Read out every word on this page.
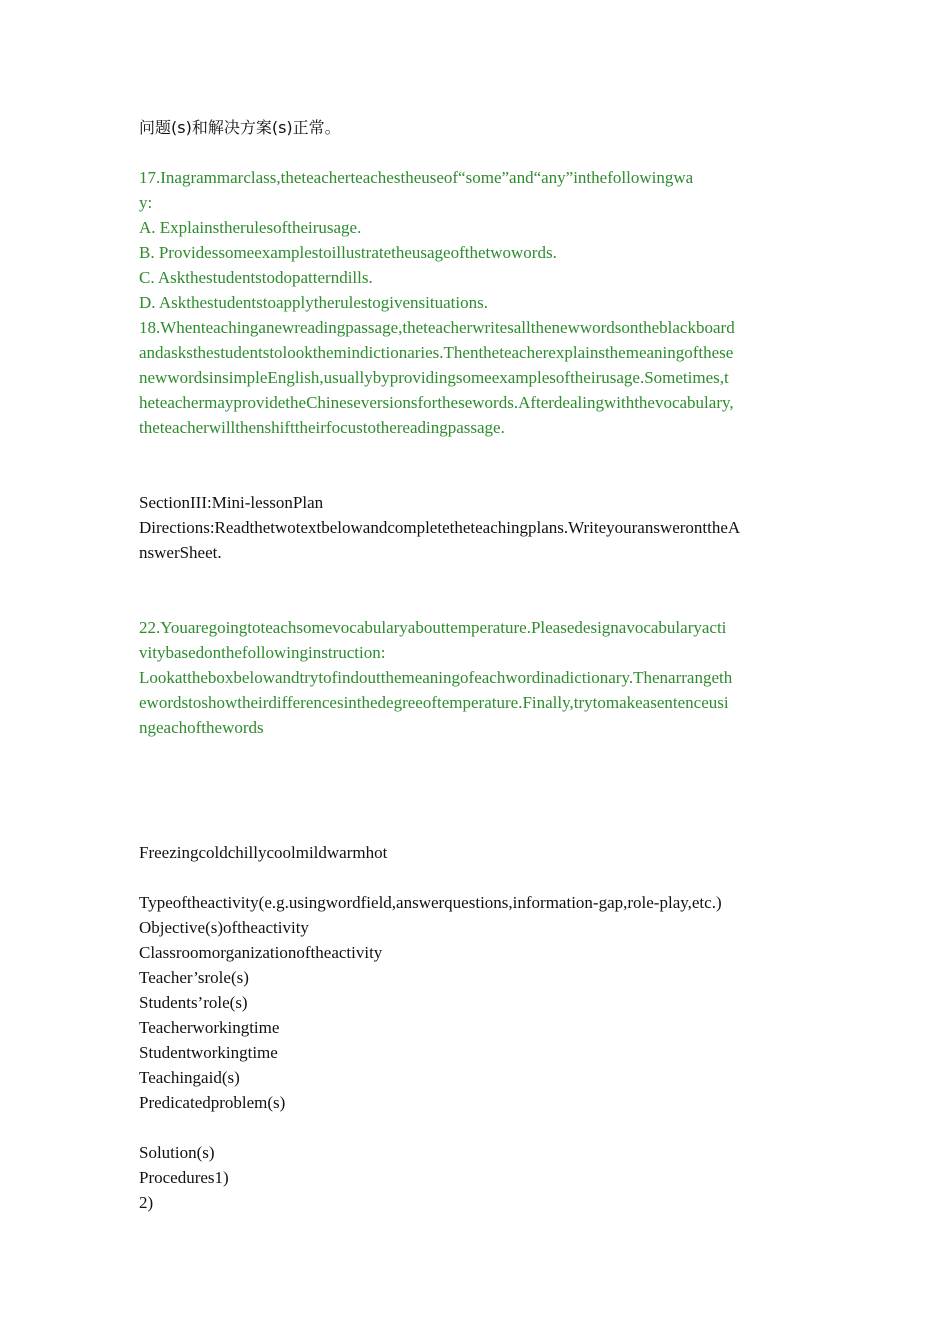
问题(s)和解决方案(s)正常。
17.Inagrammarclass,theteacherteachestheuseof“some”and“any”inthefollowingwa
y:
A. Explainstherulesoftheirusage.
B. Providessomeexamplestoillustratetheusageofthetwowords.
C. Askthestudentstodopatterndills.
D. Askthestudentstoapplytherulestogivensituations.
18.Whenteachinganewreadingpassage,theteacherwritesallthenewwordsontheblackboard
andasksthestudentstolookthemindictionaries.Thentheteacherexplainsthemeaningofthese
newwordsinsimpleEnglish,usuallybyprovidingsomeexamplesoftheirusage.Sometimes,t
heteachermayprovidetheChineseversionsforthesewords.Afterdealingwiththevocabulary,
theteacherwillthenshifttheirfocustothereadingpassage.
SectionIII:Mini-lessonPlan
Directions:Readthetwotextbelowandcompletetheteachingplans.WriteyouransweronttheA
nswerSheet.
22.Youaregoingtoteachsomevocabularyabouttemperature.Pleasedesignavocabularyacti
vitybasedonthefollowinginstruction:
Lookattheboxbelowandtrytofindoutthemeaningofeachwordinadictionary.Thenarrangeth
ewordstoshowtheirdifferencesinthedegreeoftemperature.Finally,trytomakeasentenceusi
ngeachofthewords
Freezingcoldchillycoolmildwarmhot
Typeoftheactivity(e.g.usingwordfield,answerquestions,information-gap,role-play,etc.)
Objective(s)oftheactivity
Classroomorganizationoftheactivity
Teacher’srole(s)
Students’role(s)
Teacherworkingtime
Studentworkingtime
Teachingaid(s)
Predicatedproblem(s)
Solution(s)
Procedures1)
2)
